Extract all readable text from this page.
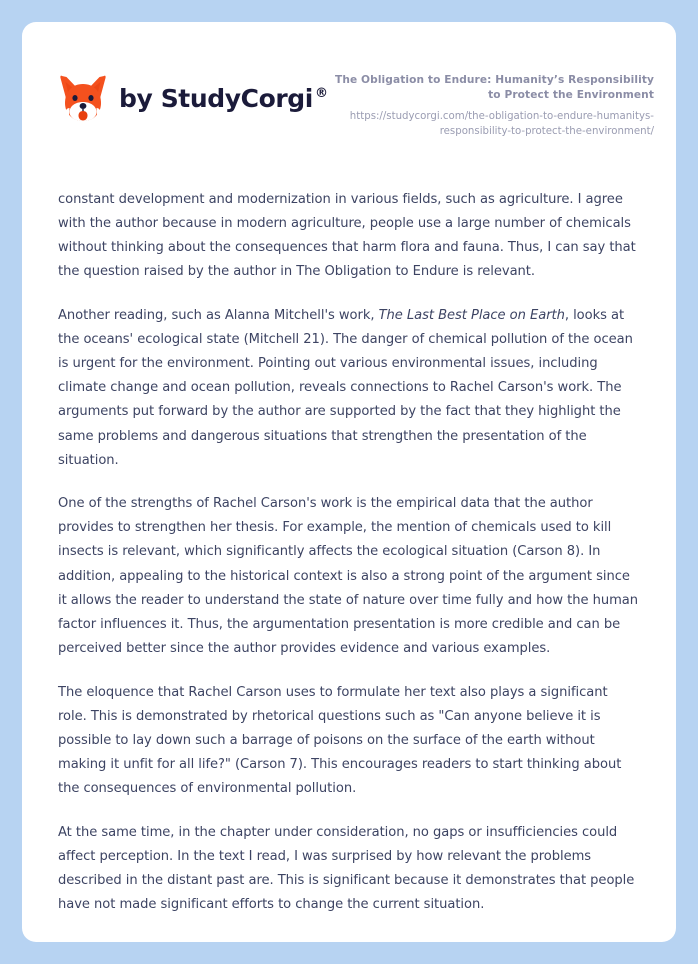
by StudyCorgi ®
The Obligation to Endure: Humanity’s Responsibility to Protect the Environment
https://studycorgi.com/the-obligation-to-endure-humanitys-responsibility-to-protect-the-environment/

constant development and modernization in various fields, such as agriculture. I agree with the author because in modern agriculture, people use a large number of chemicals without thinking about the consequences that harm flora and fauna. Thus, I can say that the question raised by the author in The Obligation to Endure is relevant.

Another reading, such as Alanna Mitchell's work, The Last Best Place on Earth, looks at the oceans' ecological state (Mitchell 21). The danger of chemical pollution of the ocean is urgent for the environment. Pointing out various environmental issues, including climate change and ocean pollution, reveals connections to Rachel Carson's work. The arguments put forward by the author are supported by the fact that they highlight the same problems and dangerous situations that strengthen the presentation of the situation.

One of the strengths of Rachel Carson's work is the empirical data that the author provides to strengthen her thesis. For example, the mention of chemicals used to kill insects is relevant, which significantly affects the ecological situation (Carson 8). In addition, appealing to the historical context is also a strong point of the argument since it allows the reader to understand the state of nature over time fully and how the human factor influences it. Thus, the argumentation presentation is more credible and can be perceived better since the author provides evidence and various examples.

The eloquence that Rachel Carson uses to formulate her text also plays a significant role. This is demonstrated by rhetorical questions such as "Can anyone believe it is possible to lay down such a barrage of poisons on the surface of the earth without making it unfit for all life?" (Carson 7). This encourages readers to start thinking about the consequences of environmental pollution.

At the same time, in the chapter under consideration, no gaps or insufficiencies could affect perception. In the text I read, I was surprised by how relevant the problems described in the distant past are. This is significant because it demonstrates that people have not made significant efforts to change the current situation.
